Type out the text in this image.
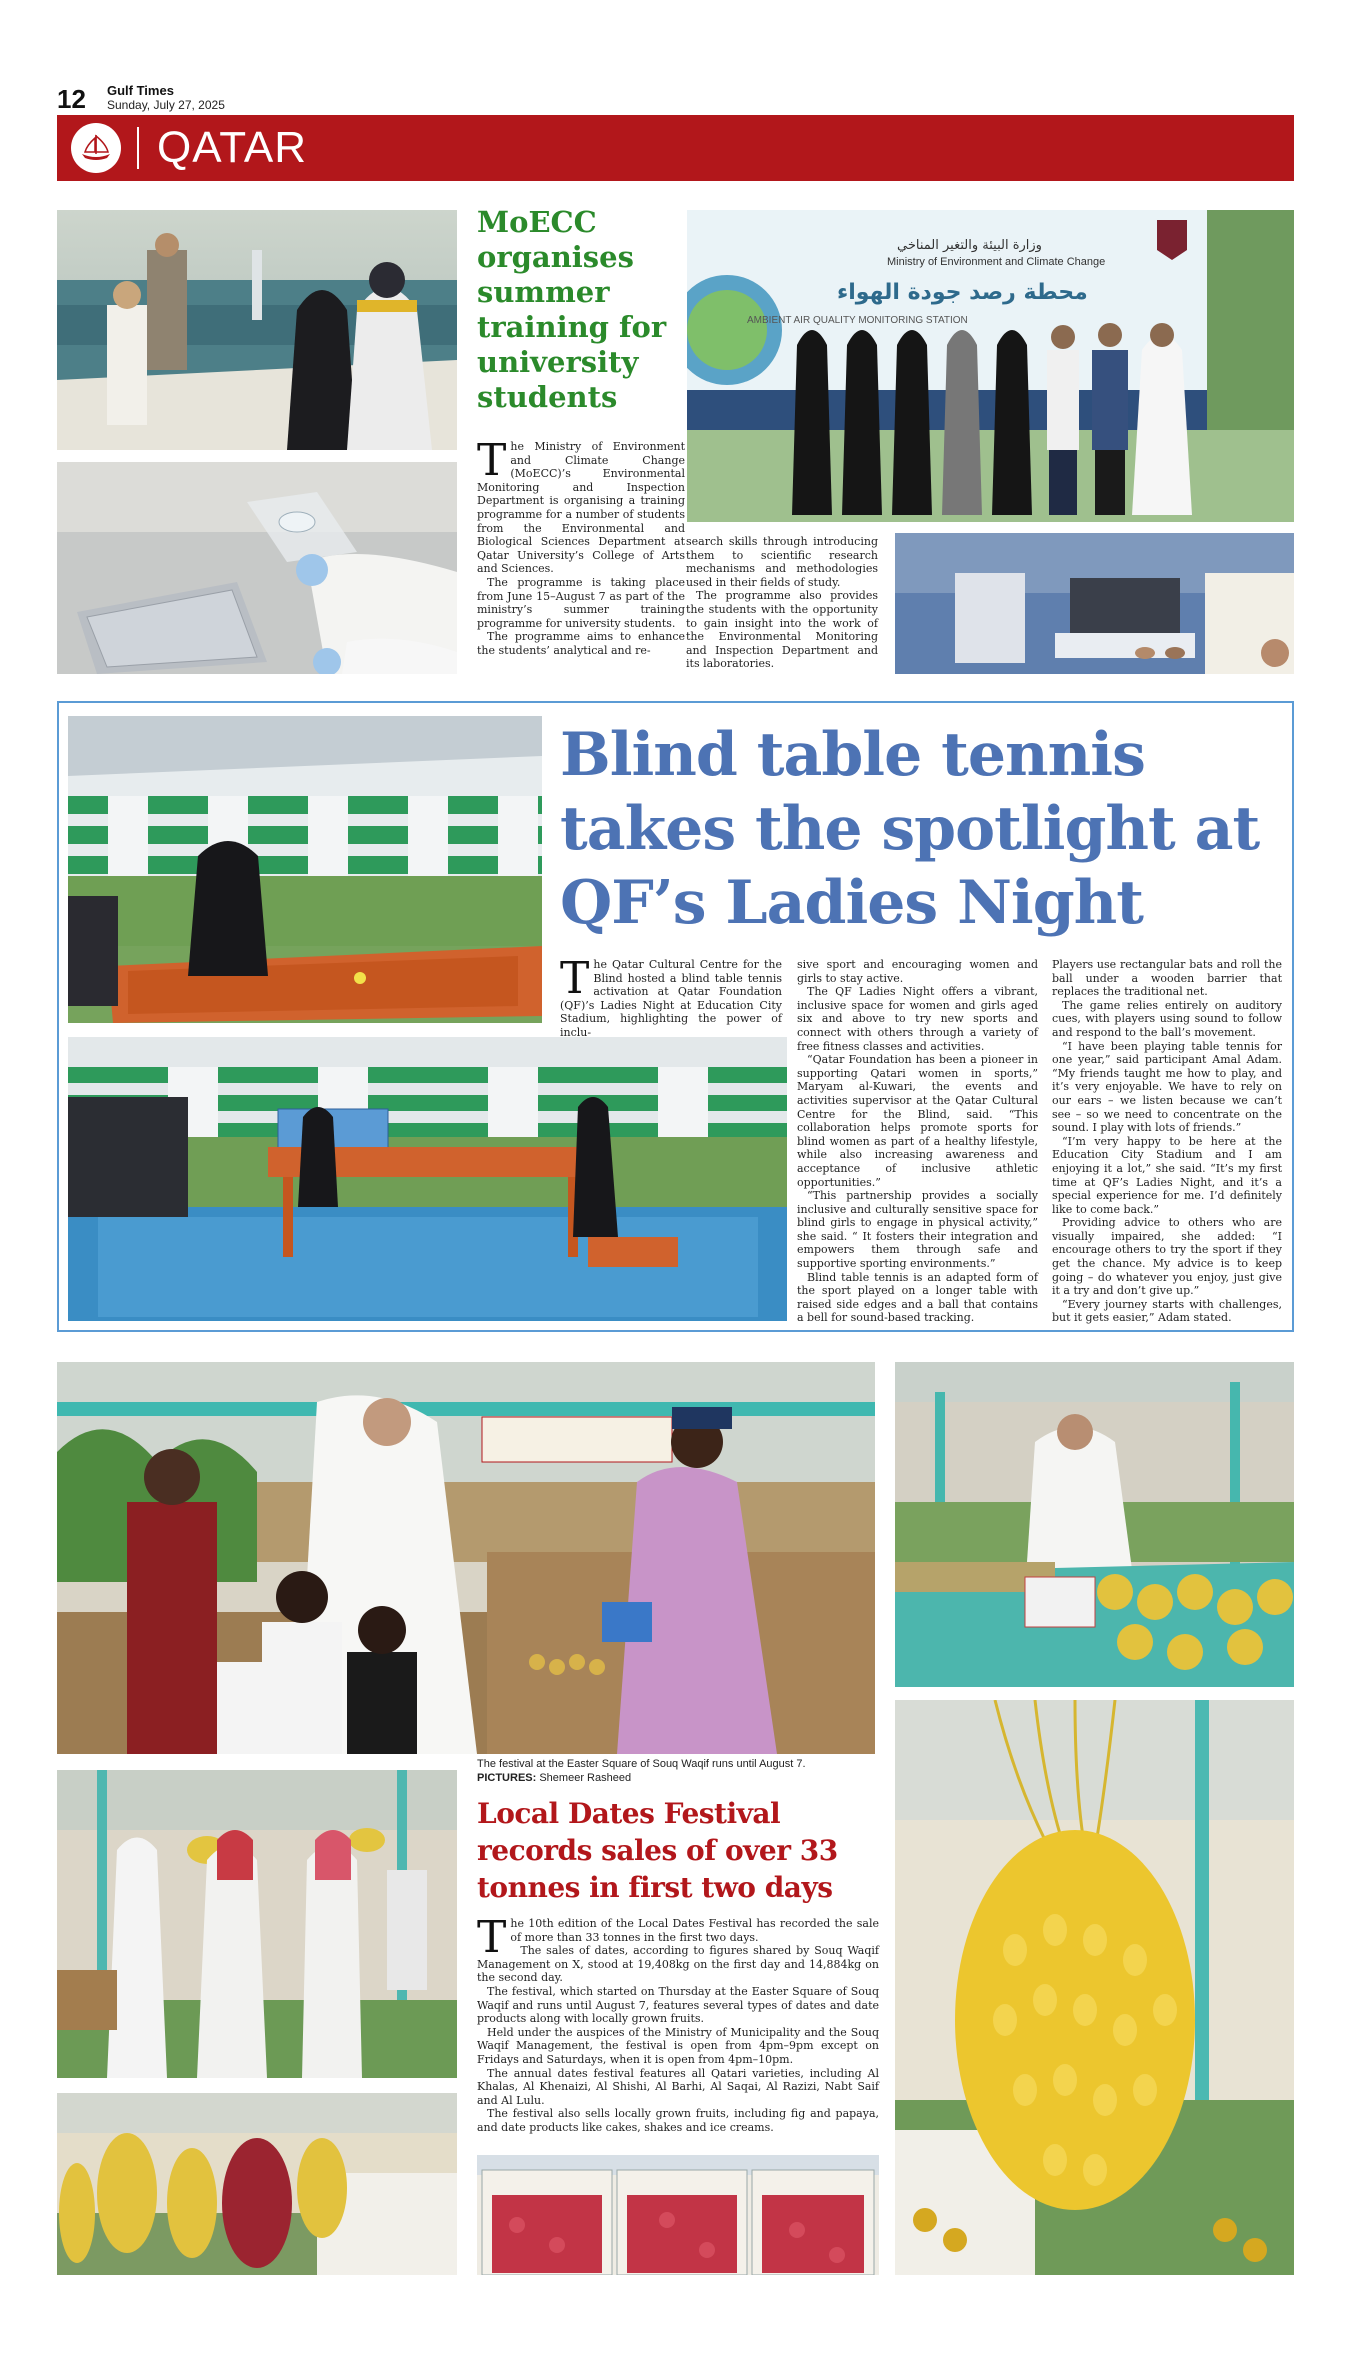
12 Gulf Times
Sunday, July 27, 2025
QATAR
MoECC organises summer training for university students

The Ministry of Environment and Climate Change (MoECC)’s Environmental Monitoring and Inspection Department is organising a training programme for a number of students from the Environmental and Biological Sciences Department at Qatar University’s College of Arts and Sciences.

The programme is taking place from June 15–August 7 as part of the ministry’s summer training programme for university students.

The programme aims to enhance the students’ analytical and re-

search skills through introducing them to scientific research mechanisms and methodologies used in their fields of study.

The programme also provides the students with the opportunity to gain insight into the work of the Environmental Monitoring and Inspection Department and its laboratories.

وزارة البيئة والتغير المناخي
Ministry of Environment and Climate Change
محطة رصد جودة الهواء
AMBIENT AIR QUALITY MONITORING STATION
Blind table tennis takes the spotlight at QF’s Ladies Night

The Qatar Cultural Centre for the Blind hosted a blind table tennis activation at Qatar Foundation (QF)’s Ladies Night at Education City Stadium, highlighting the power of inclu-

sive sport and encouraging women and girls to stay active.

The QF Ladies Night offers a vibrant, inclusive space for women and girls aged six and above to try new sports and connect with others through a variety of free fitness classes and activities.

“Qatar Foundation has been a pioneer in supporting Qatari women in sports,” Maryam al-Kuwari, the events and activities supervisor at the Qatar Cultural Centre for the Blind, said. “This collaboration helps promote sports for blind women as part of a healthy lifestyle, while also increasing awareness and acceptance of inclusive athletic opportunities.”

“This partnership provides a socially inclusive and culturally sensitive space for blind girls to engage in physical activity,” she said. “ It fosters their integration and empowers them through safe and supportive sporting environments.”

Blind table tennis is an adapted form of the sport played on a longer table with raised side edges and a ball that contains a bell for sound-based tracking.

Players use rectangular bats and roll the ball under a wooden barrier that replaces the traditional net.

The game relies entirely on auditory cues, with players using sound to follow and respond to the ball’s movement.

“I have been playing table tennis for one year,” said participant Amal Adam. “My friends taught me how to play, and it’s very enjoyable. We have to rely on our ears – we listen because we can’t see – so we need to concentrate on the sound. I play with lots of friends.”

“I’m very happy to be here at the Education City Stadium and I am enjoying it a lot,” she said. “It’s my first time at QF’s Ladies Night, and it’s a special experience for me. I’d definitely like to come back.”

Providing advice to others who are visually impaired, she added: “I encourage others to try the sport if they get the chance. My advice is to keep going – do whatever you enjoy, just give it a try and don’t give up.”

“Every journey starts with challenges, but it gets easier,” Adam stated.

The festival at the Easter Square of Souq Waqif runs until August 7.
PICTURES: Shemeer Rasheed
Local Dates Festival records sales of over 33 tonnes in first two days

The 10th edition of the Local Dates Festival has recorded the sale of more than 33 tonnes in the first two days.

The sales of dates, according to figures shared by Souq Waqif Management on X, stood at 19,408kg on the first day and 14,884kg on the second day.

The festival, which started on Thursday at the Easter Square of Souq Waqif and runs until August 7, features several types of dates and date products along with locally grown fruits.

Held under the auspices of the Ministry of Municipality and the Souq Waqif Management, the festival is open from 4pm–9pm except on Fridays and Saturdays, when it is open from 4pm–10pm.

The annual dates festival features all Qatari varieties, including Al Khalas, Al Khenaizi, Al Shishi, Al Barhi, Al Saqai, Al Razizi, Nabt Saif and Al Lulu.

The festival also sells locally grown fruits, including fig and papaya, and date products like cakes, shakes and ice creams.
